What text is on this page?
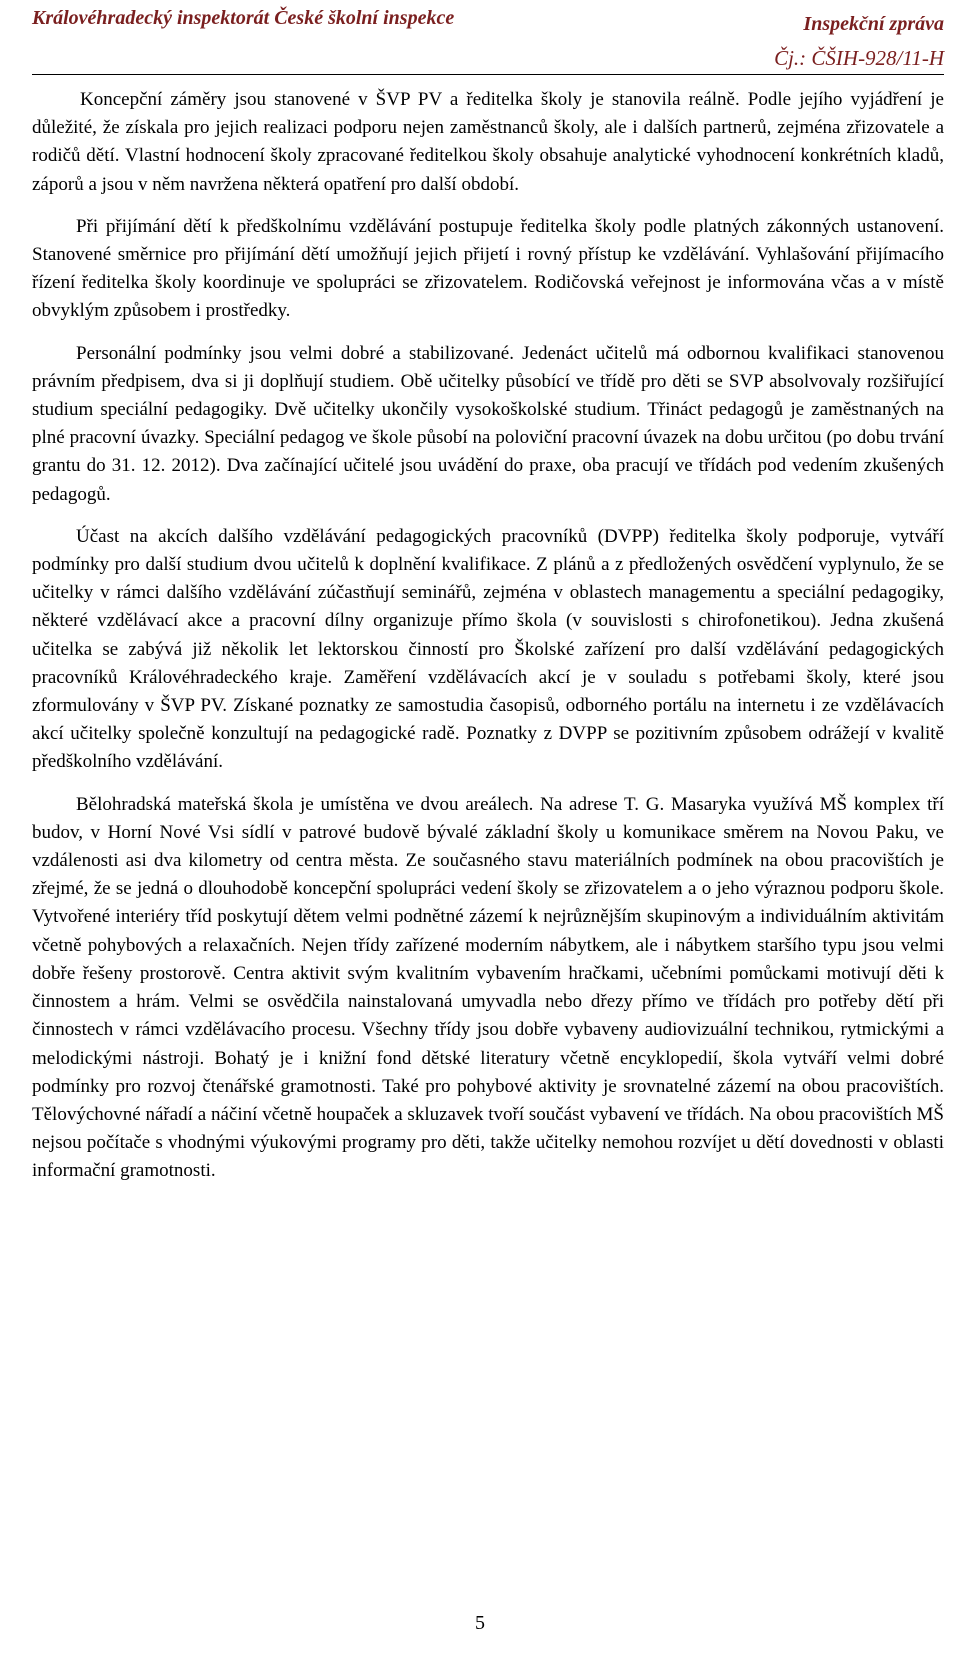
Královéhradecký inspektorát České školní inspekce	Inspekční zpráva
Čj.: ČŠIH-928/11-H

Koncepční záměry jsou stanovené v ŠVP PV a ředitelka školy je stanovila reálně. Podle jejího vyjádření je důležité, že získala pro jejich realizaci podporu nejen zaměstnanců školy, ale i dalších partnerů, zejména zřizovatele a rodičů dětí. Vlastní hodnocení školy zpracované ředitelkou školy obsahuje analytické vyhodnocení konkrétních kladů, záporů a jsou v něm navržena některá opatření pro další období.

Při přijímání dětí k předškolnímu vzdělávání postupuje ředitelka školy podle platných zákonných ustanovení. Stanovené směrnice pro přijímání dětí umožňují jejich přijetí i rovný přístup ke vzdělávání. Vyhlašování přijímacího řízení ředitelka školy koordinuje ve spolupráci se zřizovatelem. Rodičovská veřejnost je informována včas a v místě obvyklým způsobem i prostředky.

Personální podmínky jsou velmi dobré a stabilizované. Jedenáct učitelů má odbornou kvalifikaci stanovenou právním předpisem, dva si ji doplňují studiem. Obě učitelky působící ve třídě pro děti se SVP absolvovaly rozšiřující studium speciální pedagogiky. Dvě učitelky ukončily vysokoškolské studium. Třináct pedagogů je zaměstnaných na plné pracovní úvazky. Speciální pedagog ve škole působí na poloviční pracovní úvazek na dobu určitou (po dobu trvání grantu do 31. 12. 2012). Dva začínající učitelé jsou uvádění do praxe, oba pracují ve třídách pod vedením zkušených pedagogů.

Účast na akcích dalšího vzdělávání pedagogických pracovníků (DVPP) ředitelka školy podporuje, vytváří podmínky pro další studium dvou učitelů k doplnění kvalifikace. Z plánů a z předložených osvědčení vyplynulo, že se učitelky v rámci dalšího vzdělávání zúčastňují seminářů, zejména v oblastech managementu a speciální pedagogiky, některé vzdělávací akce a pracovní dílny organizuje přímo škola (v souvislosti s chirofonetikou). Jedna zkušená učitelka se zabývá již několik let lektorskou činností pro Školské zařízení pro další vzdělávání pedagogických pracovníků Královéhradeckého kraje. Zaměření vzdělávacích akcí je v souladu s potřebami školy, které jsou zformulovány v ŠVP PV. Získané poznatky ze samostudia časopisů, odborného portálu na internetu i ze vzdělávacích akcí učitelky společně konzultují na pedagogické radě. Poznatky z DVPP se pozitivním způsobem odrážejí v kvalitě předškolního vzdělávání.

Bělohradská mateřská škola je umístěna ve dvou areálech. Na adrese T. G. Masaryka využívá MŠ komplex tří budov, v Horní Nové Vsi sídlí v patrové budově bývalé základní školy u komunikace směrem na Novou Paku, ve vzdálenosti asi dva kilometry od centra města. Ze současného stavu materiálních podmínek na obou pracovištích je zřejmé, že se jedná o dlouhodobě koncepční spolupráci vedení školy se zřizovatelem a o jeho výraznou podporu škole. Vytvořené interiéry tříd poskytují dětem velmi podnětné zázemí k nejrůznějším skupinovým a individuálním aktivitám včetně pohybových a relaxačních. Nejen třídy zařízené moderním nábytkem, ale i nábytkem staršího typu jsou velmi dobře řešeny prostorově. Centra aktivit svým kvalitním vybavením hračkami, učebními pomůckami motivují děti k činnostem a hrám. Velmi se osvědčila nainstalovaná umyvadla nebo dřezy přímo ve třídách pro potřeby dětí při činnostech v rámci vzdělávacího procesu. Všechny třídy jsou dobře vybaveny audiovizuální technikou, rytmickými a melodickými nástroji. Bohatý je i knižní fond dětské literatury včetně encyklopedií, škola vytváří velmi dobré podmínky pro rozvoj čtenářské gramotnosti. Také pro pohybové aktivity je srovnatelné zázemí na obou pracovištích. Tělovýchovné nářadí a náčiní včetně houpaček a skluzavek tvoří součást vybavení ve třídách. Na obou pracovištích MŠ nejsou počítače s vhodnými výukovými programy pro děti, takže učitelky nemohou rozvíjet u dětí dovednosti v oblasti informační gramotnosti.

5
